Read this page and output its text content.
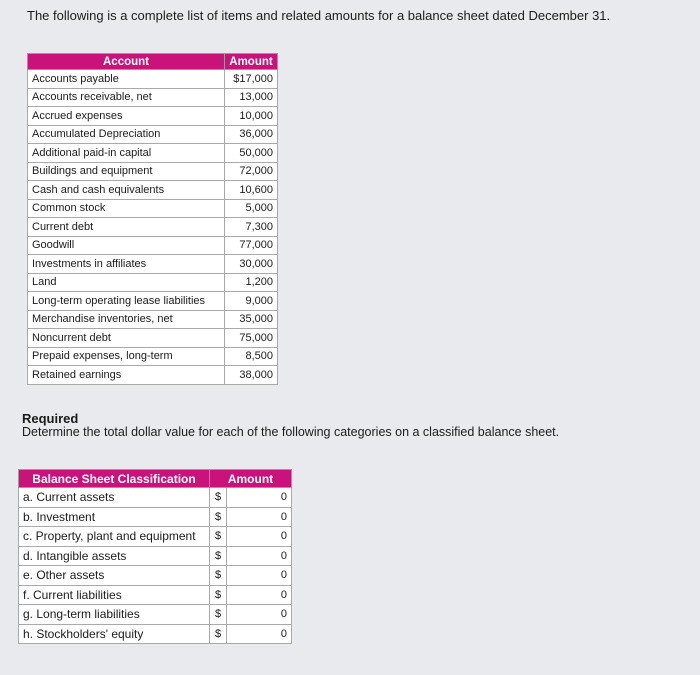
The following is a complete list of items and related amounts for a balance sheet dated December 31.
Account	Amount
Accounts payable	$17,000
Accounts receivable, net	13,000
Accrued expenses	10,000
Accumulated Depreciation	36,000
Additional paid-in capital	50,000
Buildings and equipment	72,000
Cash and cash equivalents	10,600
Common stock	5,000
Current debt	7,300
Goodwill	77,000
Investments in affiliates	30,000
Land	1,200
Long-term operating lease liabilities	9,000
Merchandise inventories, net	35,000
Noncurrent debt	75,000
Prepaid expenses, long-term	8,500
Retained earnings	38,000
Required
Determine the total dollar value for each of the following categories on a classified balance sheet.
Balance Sheet Classification	Amount	
a. Current assets	$	0
b. Investment	$	0
c. Property, plant and equipment	$	0
d. Intangible assets	$	0
e. Other assets	$	0
f. Current liabilities	$	0
g. Long-term liabilities	$	0
h. Stockholders' equity	$	0
